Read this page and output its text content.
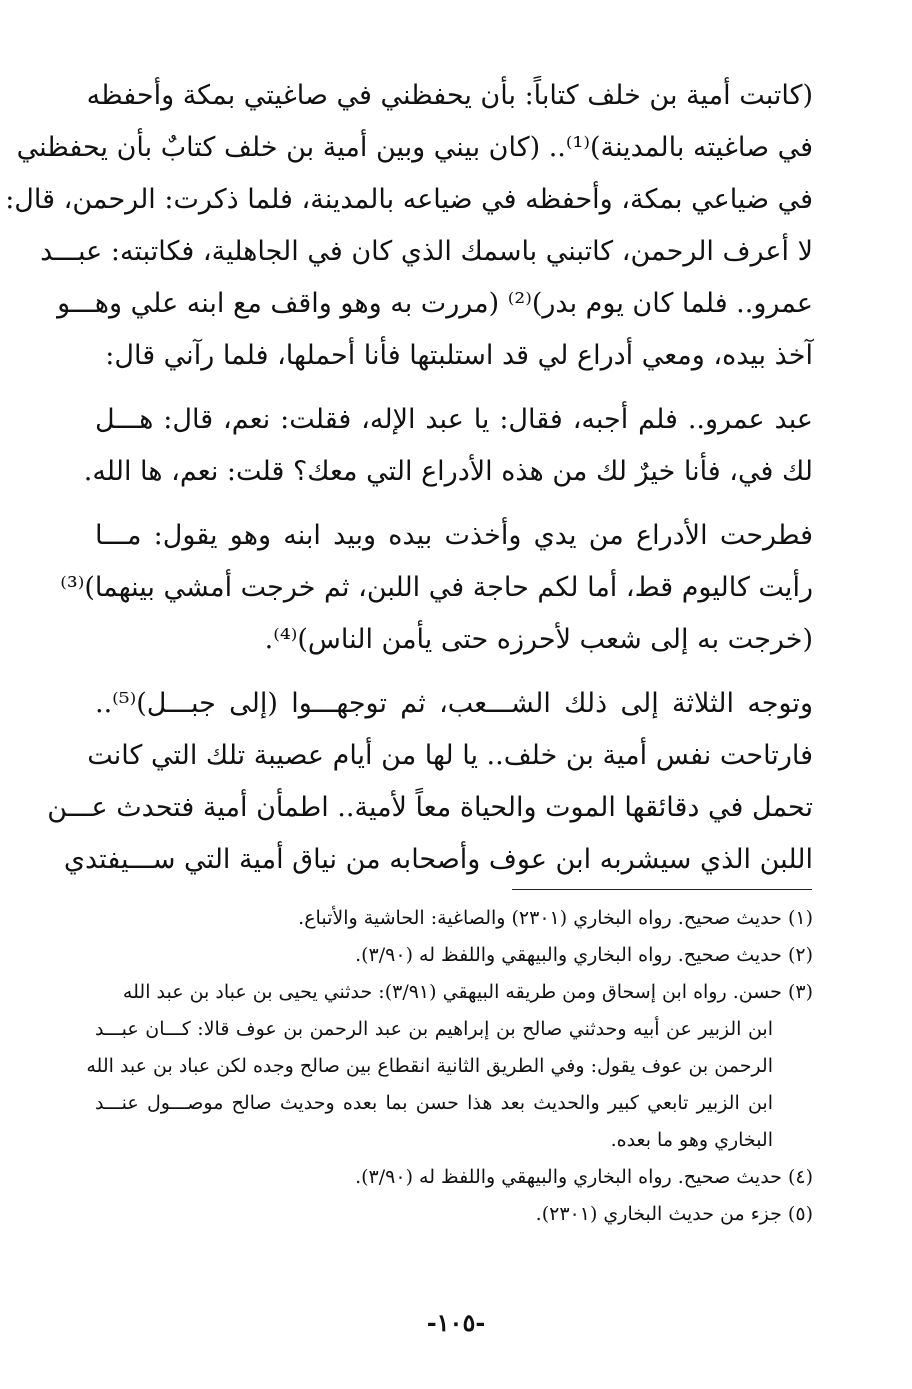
(كاتبت أمية بن خلف كتاباً: بأن يحفظني في صاغيتي بمكة وأحفظه
في صاغيته بالمدينة)⁽¹⁾.. (كان بيني وبين أمية بن خلف كتابٌ بأن يحفظني
في ضياعي بمكة، وأحفظه في ضياعه بالمدينة، فلما ذكرت: الرحمن، قال:
لا أعرف الرحمن، كاتبني باسمك الذي كان في الجاهلية، فكاتبته: عبـــد
عمرو.. فلما كان يوم بدر)⁽²⁾ (مررت به وهو واقف مع ابنه علي وهـــو
آخذ بيده، ومعي أدراع لي قد استلبتها فأنا أحملها، فلما رآني قال:
عبد عمرو.. فلم أجبه، فقال: يا عبد الإله، فقلت: نعم، قال: هـــل
لك في، فأنا خيرٌ لك من هذه الأدراع التي معك؟ قلت: نعم، ها الله.
فطرحت الأدراع من يدي وأخذت بيده وبيد ابنه وهو يقول: مـــا
رأيت كاليوم قط، أما لكم حاجة في اللبن، ثم خرجت أمشي بينهما)⁽³⁾
(خرجت به إلى شعب لأحرزه حتى يأمن الناس)⁽⁴⁾.
وتوجه الثلاثة إلى ذلك الشـــعب، ثم توجهـــوا (إلى جبـــل)⁽⁵⁾..
فارتاحت نفس أمية بن خلف.. يا لها من أيام عصيبة تلك التي كانت
تحمل في دقائقها الموت والحياة معاً لأمية.. اطمأن أمية فتحدث عـــن
اللبن الذي سيشربه ابن عوف وأصحابه من نياق أمية التي ســـيفتدي
(١) حديث صحيح. رواه البخاري (٢٣٠١) والصاغية: الحاشية والأتباع.
(٢) حديث صحيح. رواه البخاري والبيهقي واللفظ له (٣/٩٠).
(٣) حسن. رواه ابن إسحاق ومن طريقه البيهقي (٣/٩١): حدثني يحيى بن عباد بن عبد الله
ابن الزبير عن أبيه وحدثني صالح بن إبراهيم بن عبد الرحمن بن عوف قالا: كـــان عبـــد
الرحمن بن عوف يقول: وفي الطريق الثانية انقطاع بين صالح وجده لكن عباد بن عبد الله
ابن الزبير تابعي كبير والحديث بعد هذا حسن بما بعده وحديث صالح موصـــول عنـــد
البخاري وهو ما بعده.
(٤) حديث صحيح. رواه البخاري والبيهقي واللفظ له (٣/٩٠).
(٥) جزء من حديث البخاري (٢٣٠١).
-١٠٥-
